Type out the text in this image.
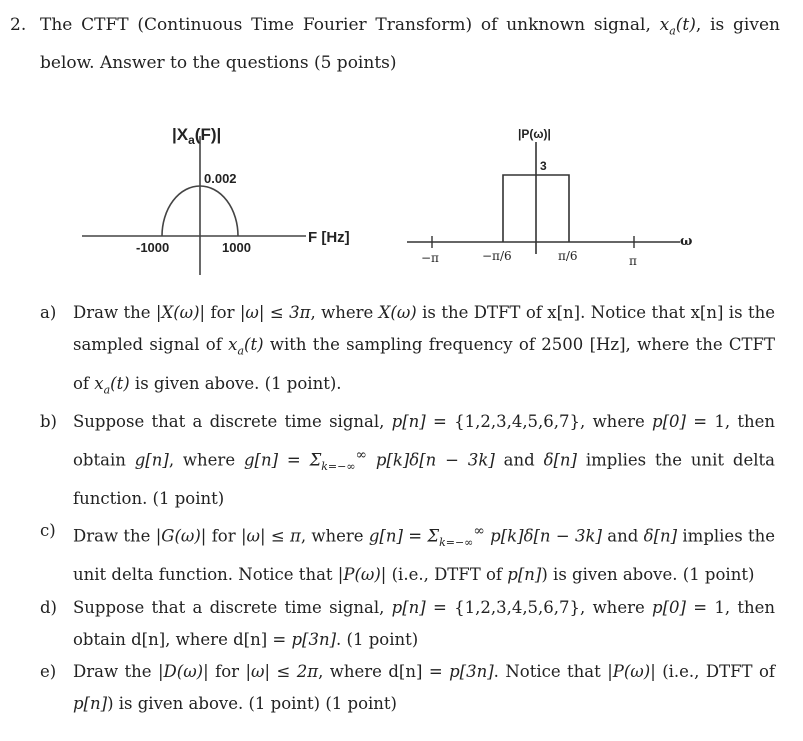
2. The CTFT (Continuous Time Fourier Transform) of unknown signal, $x_a(t)$, is given below. Answer to the questions (5 points)
$|X_a(F)|$
0.002
-1000	1000
F [Hz]
|P(ω)|
3
−π	−π/6	π/6	π
ω
a) Draw the |X(ω)| for |ω| ≤ 3π, where X(ω) is the DTFT of x[n]. Notice that x[n] is the sampled signal of $x_a(t)$ with the sampling frequency of 2500 [Hz], where the CTFT of $x_a(t)$ is given above. (1 point).
b) Suppose that a discrete time signal, p[n] = {1,2,3,4,5,6,7}, where p[0] = 1, then obtain g[n], where $g[n] = \Sigma_{k=-\infty}^\infty$ p[k]δ[n − 3k] and δ[n] implies the unit delta function. (1 point)
c) Draw the |G(ω)| for |ω| ≤ π, where $g[n] = \Sigma_{k=-\infty}^\infty$ p[k]δ[n − 3k] and δ[n] implies the unit delta function. Notice that |P(ω)| (i.e., DTFT of p[n]) is given above. (1 point)
d) Suppose that a discrete time signal, p[n] = {1,2,3,4,5,6,7}, where p[0] = 1, then obtain d[n], where d[n] = p[3n]. (1 point)
e) Draw the |D(ω)| for |ω| ≤ 2π, where d[n] = p[3n]. Notice that |P(ω)| (i.e., DTFT of p[n]) is given above. (1 point) (1 point)
